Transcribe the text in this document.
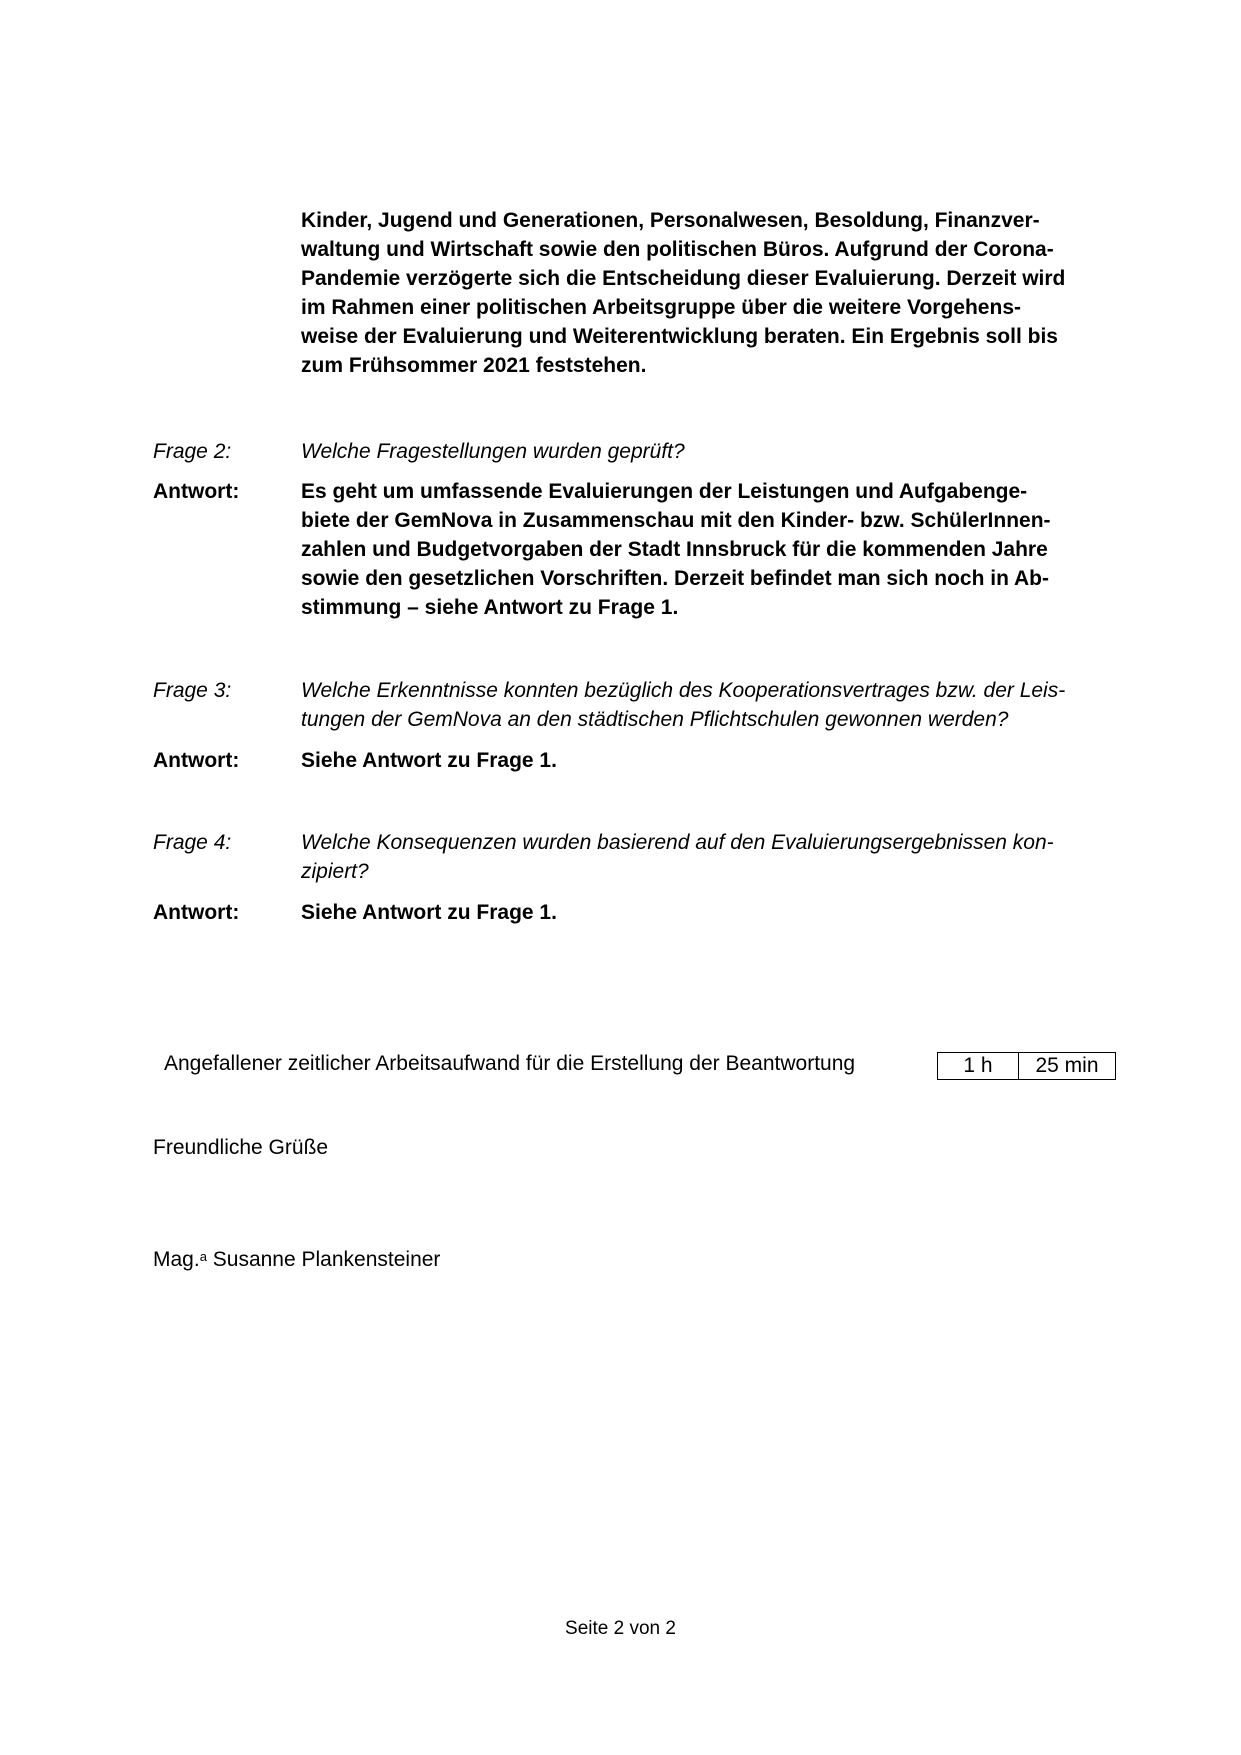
Kinder, Jugend und Generationen, Personalwesen, Besoldung, Finanzver-
waltung und Wirtschaft sowie den politischen Büros. Aufgrund der Corona-
Pandemie verzögerte sich die Entscheidung dieser Evaluierung. Derzeit wird
im Rahmen einer politischen Arbeitsgruppe über die weitere Vorgehens-
weise der Evaluierung und Weiterentwicklung beraten. Ein Ergebnis soll bis
zum Frühsommer 2021 feststehen.
Frage 2:	Welche Fragestellungen wurden geprüft?
Antwort:	Es geht um umfassende Evaluierungen der Leistungen und Aufgabenge-
biete der GemNova in Zusammenschau mit den Kinder- bzw. SchülerInnen-
zahlen und Budgetvorgaben der Stadt Innsbruck für die kommenden Jahre
sowie den gesetzlichen Vorschriften. Derzeit befindet man sich noch in Ab-
stimmung – siehe Antwort zu Frage 1.
Frage 3:	Welche Erkenntnisse konnten bezüglich des Kooperationsvertrages bzw. der Leis-
tungen der GemNova an den städtischen Pflichtschulen gewonnen werden?
Antwort:	Siehe Antwort zu Frage 1.
Frage 4:	Welche Konsequenzen wurden basierend auf den Evaluierungsergebnissen kon-
zipiert?
Antwort:	Siehe Antwort zu Frage 1.
Angefallener zeitlicher Arbeitsaufwand für die Erstellung der Beantwortung	1 h	25 min
Freundliche Grüße
Mag.$^a$ Susanne Plankensteiner
Seite 2 von 2
